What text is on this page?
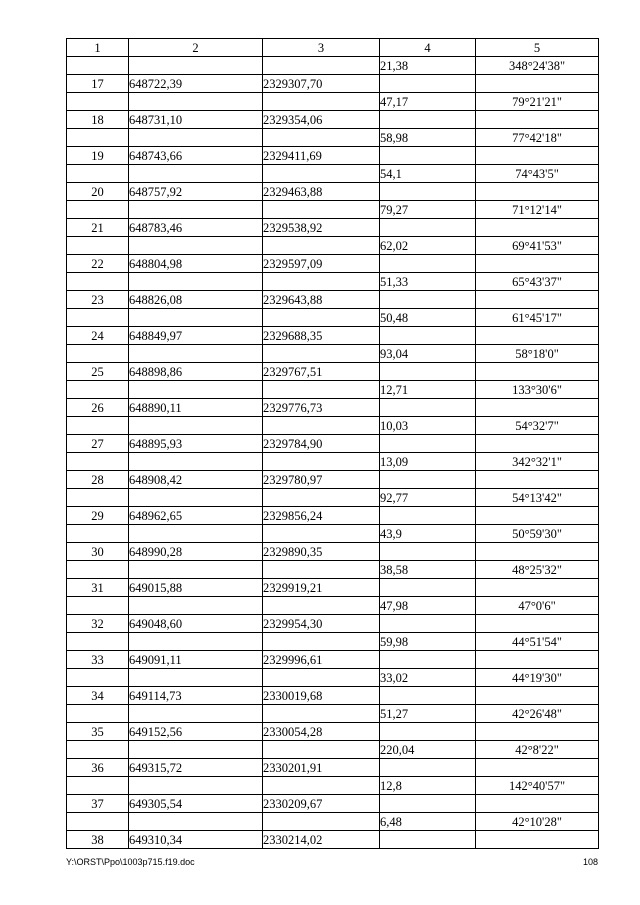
1	2	3	4	5
			21,38	348°24'38"
17	648722,39	2329307,70		
			47,17	79°21'21"
18	648731,10	2329354,06		
			58,98	77°42'18"
19	648743,66	2329411,69		
			54,1	74°43'5"
20	648757,92	2329463,88		
			79,27	71°12'14"
21	648783,46	2329538,92		
			62,02	69°41'53"
22	648804,98	2329597,09		
			51,33	65°43'37"
23	648826,08	2329643,88		
			50,48	61°45'17"
24	648849,97	2329688,35		
			93,04	58°18'0"
25	648898,86	2329767,51		
			12,71	133°30'6"
26	648890,11	2329776,73		
			10,03	54°32'7"
27	648895,93	2329784,90		
			13,09	342°32'1"
28	648908,42	2329780,97		
			92,77	54°13'42"
29	648962,65	2329856,24		
			43,9	50°59'30"
30	648990,28	2329890,35		
			38,58	48°25'32"
31	649015,88	2329919,21		
			47,98	47°0'6"
32	649048,60	2329954,30		
			59,98	44°51'54"
33	649091,11	2329996,61		
			33,02	44°19'30"
34	649114,73	2330019,68		
			51,27	42°26'48"
35	649152,56	2330054,28		
			220,04	42°8'22"
36	649315,72	2330201,91		
			12,8	142°40'57"
37	649305,54	2330209,67		
			6,48	42°10'28"
38	649310,34	2330214,02		
Y:\ORST\Ppo\1003p715.f19.doc	108
